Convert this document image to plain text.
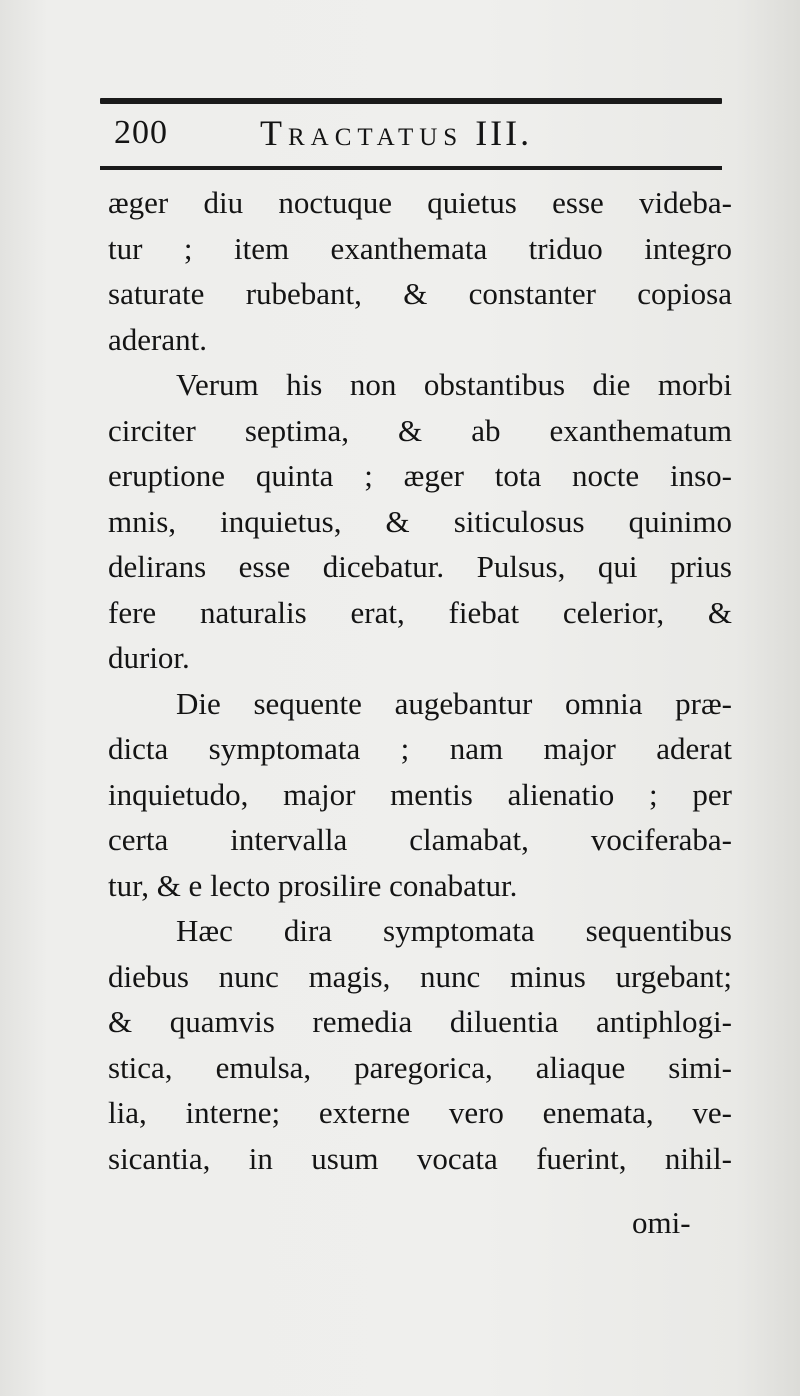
200	Tractatus III.
æger diu noctuque quietus esse videba-
tur ; item exanthemata triduo integro
saturate rubebant, & constanter copiosa
aderant.
Verum his non obstantibus die morbi
circiter septima, & ab exanthematum
eruptione quinta ; æger tota nocte inso-
mnis, inquietus, & siticulosus quinimo
delirans esse dicebatur. Pulsus, qui prius
fere naturalis erat, fiebat celerior, &
durior.
Die sequente augebantur omnia præ-
dicta symptomata ; nam major aderat
inquietudo, major mentis alienatio ; per
certa intervalla clamabat, vociferaba-
tur, & e lecto prosilire conabatur.
Hæc dira symptomata sequentibus
diebus nunc magis, nunc minus urgebant;
& quamvis remedia diluentia antiphlogi-
stica, emulsa, paregorica, aliaque simi-
lia, interne; externe vero enemata, ve-
sicantia, in usum vocata fuerint, nihil-
omi-
